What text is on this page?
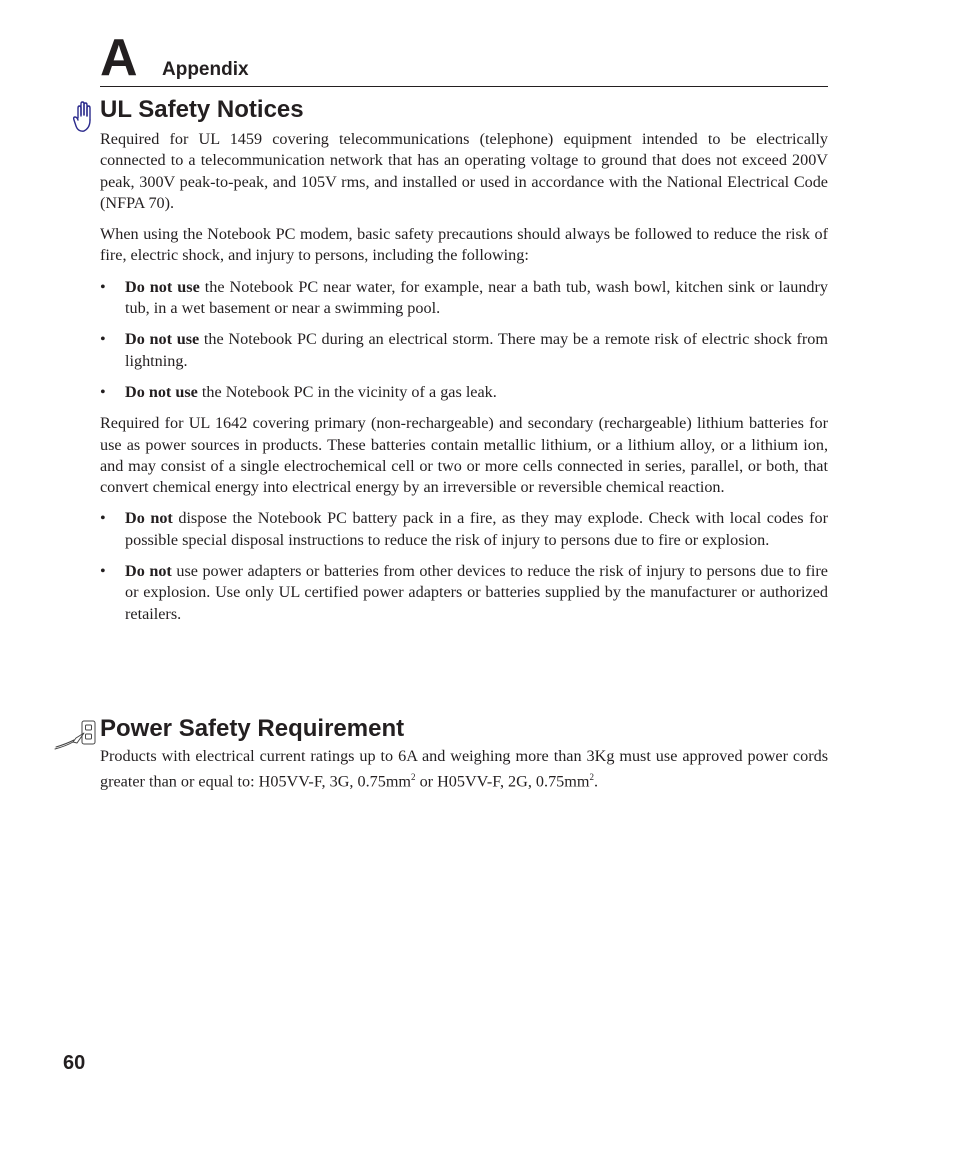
A Appendix
UL Safety Notices

Required for UL 1459 covering telecommunications (telephone) equipment intended to be electrically connected to a telecommunication network that has an operating voltage to ground that does not exceed 200V peak, 300V peak-to-peak, and 105V rms, and installed or used in accordance with the National Electrical Code (NFPA 70).

When using the Notebook PC modem, basic safety precautions should always be followed to reduce the risk of fire, electric shock, and injury to persons, including the following:

• Do not use the Notebook PC near water, for example, near a bath tub, wash bowl, kitchen sink or laundry tub, in a wet basement or near a swimming pool.
• Do not use the Notebook PC during an electrical storm. There may be a remote risk of electric shock from lightning.
• Do not use the Notebook PC in the vicinity of a gas leak.

Required for UL 1642 covering primary (non-rechargeable) and secondary (rechargeable) lithium batteries for use as power sources in products. These batteries contain metallic lithium, or a lithium alloy, or a lithium ion, and may consist of a single electrochemical cell or two or more cells connected in series, parallel, or both, that convert chemical energy into electrical energy by an irreversible or reversible chemical reaction.

• Do not dispose the Notebook PC battery pack in a fire, as they may explode. Check with local codes for possible special disposal instructions to reduce the risk of injury to persons due to fire or explosion.
• Do not use power adapters or batteries from other devices to reduce the risk of injury to persons due to fire or explosion. Use only UL certified power adapters or batteries supplied by the manufacturer or authorized retailers.
Power Safety Requirement

Products with electrical current ratings up to 6A and weighing more than 3Kg must use approved power cords greater than or equal to: H05VV-F, 3G, $0.75mm^2$ or H05VV-F, 2G, $0.75mm^2$.

60
